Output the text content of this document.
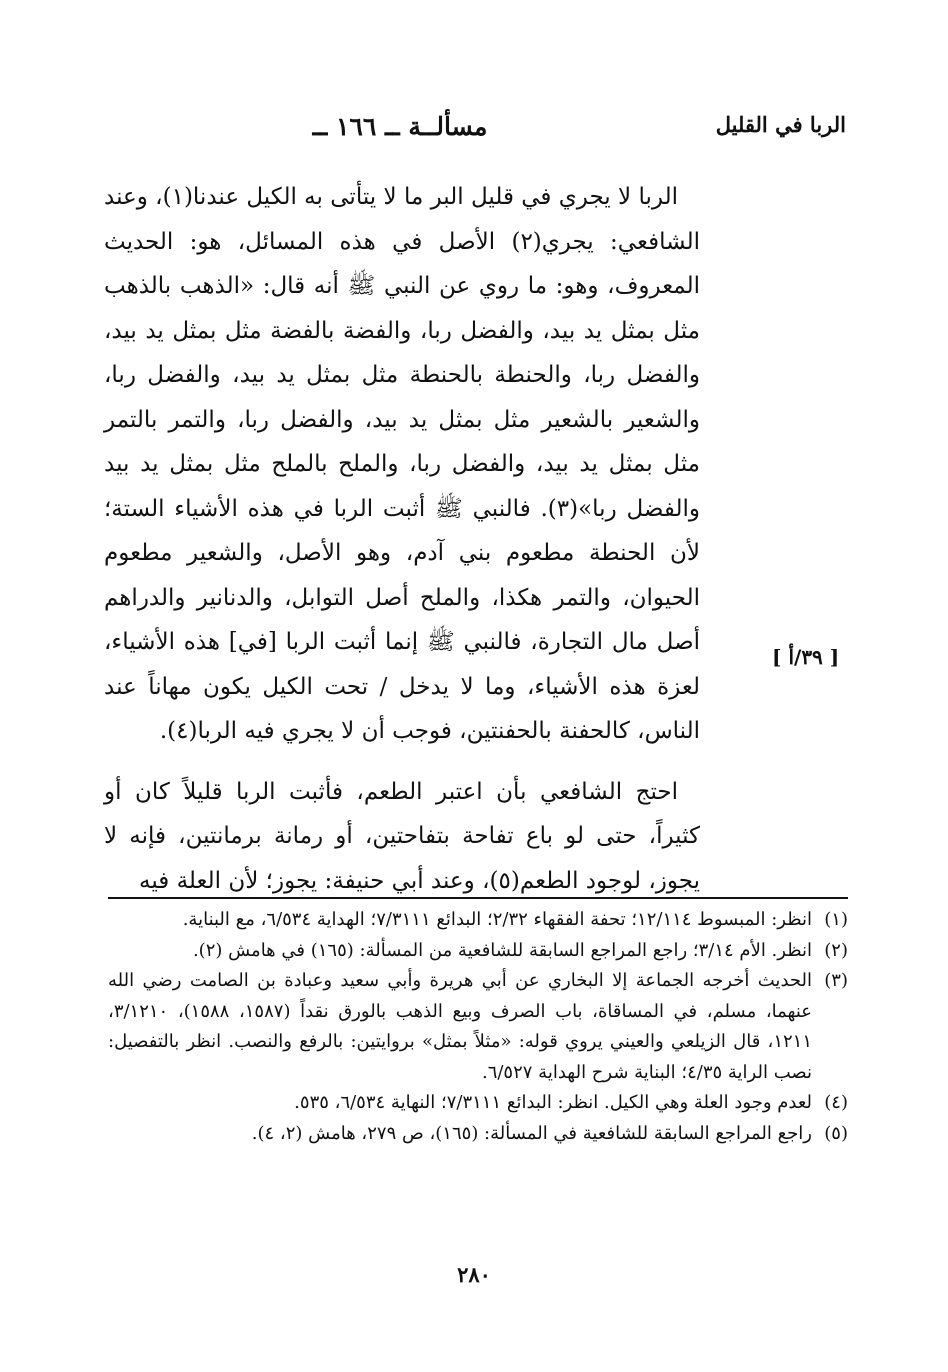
الربا في القليل
مسألــة ــ ١٦٦ ــ
[ ٣٩/أ ]

الربا لا يجري في قليل البر ما لا يتأتى به الكيل عندنا(١)، وعند الشافعي: يجري(٢) الأصل في هذه المسائل، هو: الحديث المعروف، وهو: ما روي عن النبي ﷺ أنه قال: «الذهب بالذهب مثل بمثل يد بيد، والفضل ربا، والفضة بالفضة مثل بمثل يد بيد، والفضل ربا، والحنطة بالحنطة مثل بمثل يد بيد، والفضل ربا، والشعير بالشعير مثل بمثل يد بيد، والفضل ربا، والتمر بالتمر مثل بمثل يد بيد، والفضل ربا، والملح بالملح مثل بمثل يد بيد والفضل ربا»(٣). فالنبي ﷺ أثبت الربا في هذه الأشياء الستة؛ لأن الحنطة مطعوم بني آدم، وهو الأصل، والشعير مطعوم الحيوان، والتمر هكذا، والملح أصل التوابل، والدنانير والدراهم أصل مال التجارة، فالنبي ﷺ إنما أثبت الربا [في] هذه الأشياء، لعزة هذه الأشياء، وما لا يدخل / تحت الكيل يكون مهاناً عند الناس، كالحفنة بالحفنتين، فوجب أن لا يجري فيه الربا(٤).

احتج الشافعي بأن اعتبر الطعم، فأثبت الربا قليلاً كان أو كثيراً، حتى لو باع تفاحة بتفاحتين، أو رمانة برمانتين، فإنه لا يجوز، لوجود الطعم(٥)، وعند أبي حنيفة: يجوز؛ لأن العلة فيه

(١)
انظر: المبسوط ١٢/١١٤؛ تحفة الفقهاء ٢/٣٢؛ البدائع ٧/٣١١١؛ الهداية ٦/٥٣٤، مع البناية.

(٢)
انظر. الأم ٣/١٤؛ راجع المراجع السابقة للشافعية من المسألة: (١٦٥) في هامش (٢).

(٣)
الحديث أخرجه الجماعة إلا البخاري عن أبي هريرة وأبي سعيد وعبادة بن الصامت رضي الله عنهما، مسلم، في المساقاة، باب الصرف وبيع الذهب بالورق نقداً (١٥٨٧، ١٥٨٨)، ٣/١٢١٠، ١٢١١، قال الزيلعي والعيني يروي قوله: «مثلاً بمثل» بروايتين: بالرفع والنصب. انظر بالتفصيل: نصب الراية ٤/٣٥؛ البناية شرح الهداية ٦/٥٢٧.

(٤)
لعدم وجود العلة وهي الكيل. انظر: البدائع ٧/٣١١١؛ النهاية ٦/٥٣٤، ٥٣٥.

(٥)
راجع المراجع السابقة للشافعية في المسألة: (١٦٥)، ص ٢٧٩، هامش (٢، ٤).

٢٨٠
